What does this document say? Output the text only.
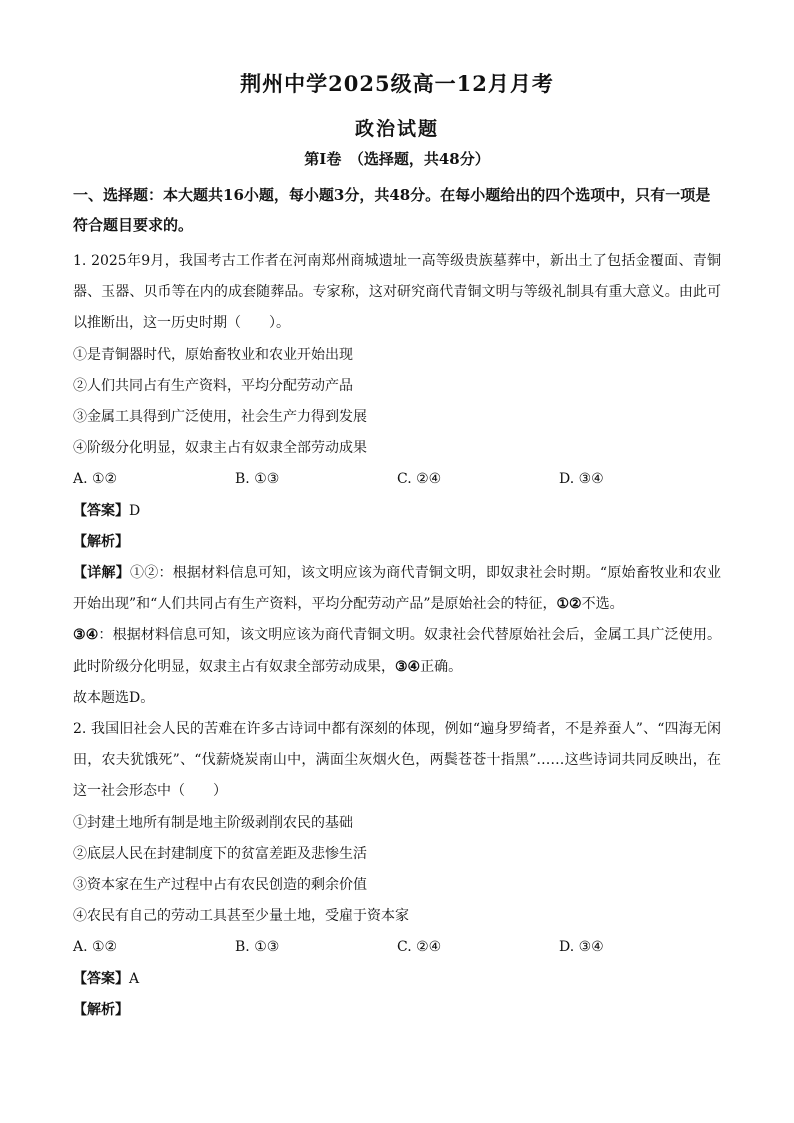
荆州中学2025级高一12月月考
政治试题
第Ⅰ卷　（选择题，共48分）
一、选择题：本大题共16小题，每小题3分，共48分。在每小题给出的四个选项中，只有一项是符合题目要求的。
1. 2025年9月，我国考古工作者在河南郑州商城遗址一高等级贵族墓葬中，新出土了包括金覆面、青铜器、玉器、贝币等在内的成套随葬品。专家称，这对研究商代青铜文明与等级礼制具有重大意义。由此可以推断出，这一历史时期（　　）。
①是青铜器时代，原始畜牧业和农业开始出现
②人们共同占有生产资料，平均分配劳动产品
③金属工具得到广泛使用，社会生产力得到发展
④阶级分化明显，奴隶主占有奴隶全部劳动成果
A. ①②	B. ①③	C. ②④	D. ③④
【答案】D
【解析】
【详解】①②：根据材料信息可知，该文明应该为商代青铜文明，即奴隶社会时期。“原始畜牧业和农业开始出现”和“人们共同占有生产资料，平均分配劳动产品”是原始社会的特征，①②不选。
③④：根据材料信息可知，该文明应该为商代青铜文明。奴隶社会代替原始社会后，金属工具广泛使用。此时阶级分化明显，奴隶主占有奴隶全部劳动成果，③④正确。
故本题选D。
2. 我国旧社会人民的苦难在许多古诗词中都有深刻的体现，例如“遍身罗绮者，不是养蚕人”、“四海无闲田，农夫犹饿死”、“伐薪烧炭南山中，满面尘灰烟火色，两鬓苍苍十指黑”……这些诗词共同反映出，在这一社会形态中（　　）
①封建土地所有制是地主阶级剥削农民的基础
②底层人民在封建制度下的贫富差距及悲惨生活
③资本家在生产过程中占有农民创造的剩余价值
④农民有自己的劳动工具甚至少量土地，受雇于资本家
A. ①②	B. ①③	C. ②④	D. ③④
【答案】A
【解析】
